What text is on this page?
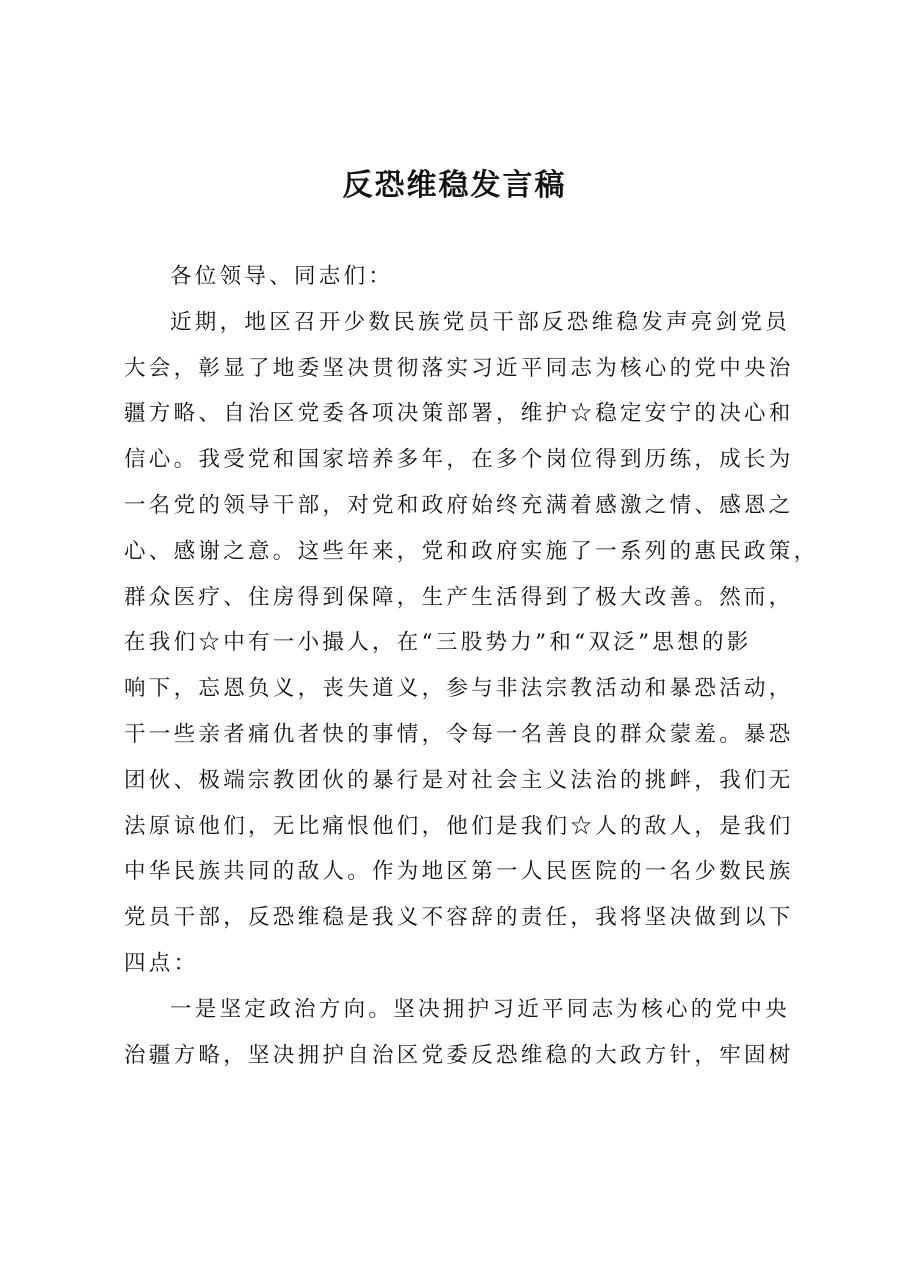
反恐维稳发言稿
各位领导、同志们：
近期，地区召开少数民族党员干部反恐维稳发声亮剑党员
大会，彰显了地委坚决贯彻落实习近平同志为核心的党中央治
疆方略、自治区党委各项决策部署，维护☆稳定安宁的决心和
信心。我受党和国家培养多年，在多个岗位得到历练，成长为
一名党的领导干部，对党和政府始终充满着感激之情、感恩之
心、感谢之意。这些年来，党和政府实施了一系列的惠民政策，
群众医疗、住房得到保障，生产生活得到了极大改善。然而，
在我们☆中有一小撮人，在“三股势力”和“双泛”思想的影
响下，忘恩负义，丧失道义，参与非法宗教活动和暴恐活动，
干一些亲者痛仇者快的事情，令每一名善良的群众蒙羞。暴恐
团伙、极端宗教团伙的暴行是对社会主义法治的挑衅，我们无
法原谅他们，无比痛恨他们，他们是我们☆人的敌人，是我们
中华民族共同的敌人。作为地区第一人民医院的一名少数民族
党员干部，反恐维稳是我义不容辞的责任，我将坚决做到以下
四点：
一是坚定政治方向。坚决拥护习近平同志为核心的党中央
治疆方略，坚决拥护自治区党委反恐维稳的大政方针，牢固树
